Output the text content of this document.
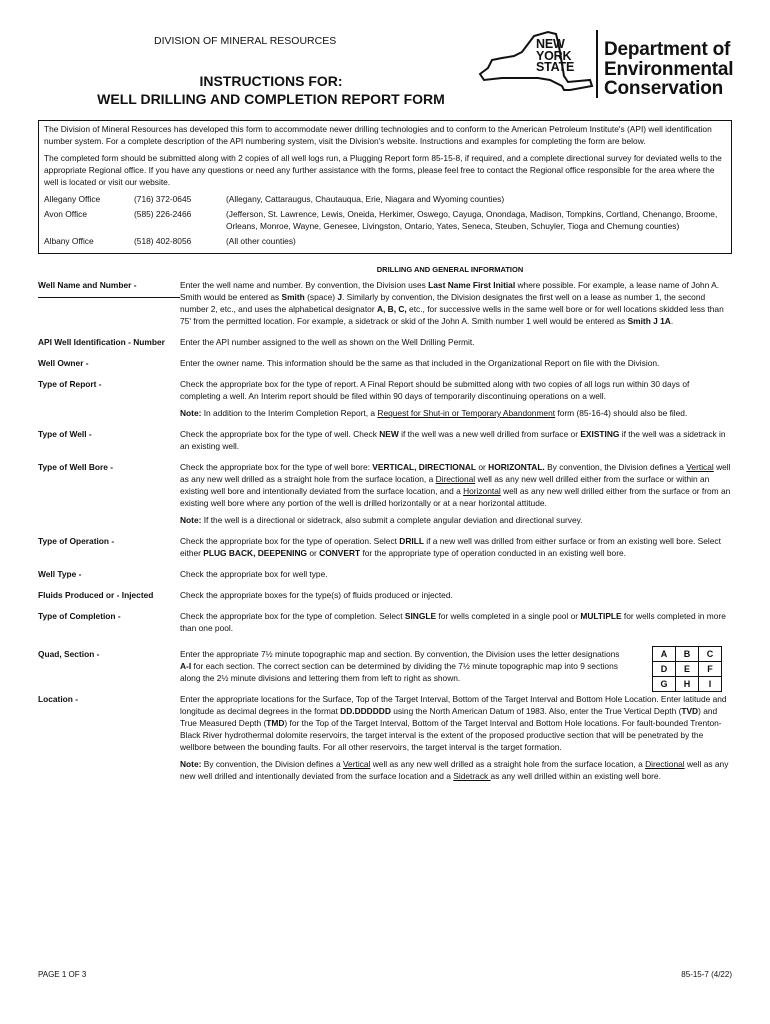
DIVISION OF MINERAL RESOURCES
INSTRUCTIONS FOR:
WELL DRILLING AND COMPLETION REPORT FORM
NEW
YORK
STATE
Department of
Environmental
Conservation

The Division of Mineral Resources has developed this form to accommodate newer drilling technologies and to conform to the American Petroleum Institute's (API) well identification number system. For a complete description of the API numbering system, visit the Division's website. Instructions and examples for completing the form are below.

The completed form should be submitted along with 2 copies of all well logs run, a Plugging Report form 85-15-8, if required, and a complete directional survey for deviated wells to the appropriate Regional office. If you have any questions or need any further assistance with the forms, please feel free to contact the Regional office responsible for the area where the well is located or visit our website.

Allegany Office	(716) 372-0645	(Allegany, Cattaraugus, Chautauqua, Erie, Niagara and Wyoming counties)
Avon Office	(585) 226-2466	(Jefferson, St. Lawrence, Lewis, Oneida, Herkimer, Oswego, Cayuga, Onondaga, Madison, Tompkins, Cortland, Chenango, Broome, Orleans, Monroe, Wayne, Genesee, Livingston, Ontario, Yates, Seneca, Steuben, Schuyler, Tioga and Chemung counties)
Albany Office	(518) 402-8056	(All other counties)
DRILLING AND GENERAL INFORMATION
Well Name and Number -	Enter the well name and number. By convention, the Division uses Last Name First Initial where possible. For example, a lease name of John A. Smith would be entered as Smith (space) J. Similarly by convention, the Division designates the first well on a lease as number 1, the second number 2, etc., and uses the alphabetical designator A, B, C, etc., for successive wells in the same well bore or for well locations skidded less than 75' from the permitted location. For example, a sidetrack or skid of the John A. Smith number 1 well would be entered as Smith J 1A.
API Well Identification - Number	Enter the API number assigned to the well as shown on the Well Drilling Permit.
Well Owner -	Enter the owner name. This information should be the same as that included in the Organizational Report on file with the Division.
Type of Report -	Check the appropriate box for the type of report. A Final Report should be submitted along with two copies of all logs run within 30 days of completing a well. An Interim report should be filed within 90 days of temporarily discontinuing operations on a well.
Note: In addition to the Interim Completion Report, a Request for Shut-in or Temporary Abandonment form (85-16-4) should also be filed.
Type of Well -	Check the appropriate box for the type of well. Check NEW if the well was a new well drilled from surface or EXISTING if the well was a sidetrack in an existing well.
Type of Well Bore -	Check the appropriate box for the type of well bore: VERTICAL, DIRECTIONAL or HORIZONTAL. By convention, the Division defines a Vertical well as any new well drilled as a straight hole from the surface location, a Directional well as any new well drilled either from the surface or within an existing well bore and intentionally deviated from the surface location, and a Horizontal well as any new well drilled either from the surface or from an existing well bore where any portion of the well is drilled horizontally or at a near horizontal attitude.
Note: If the well is a directional or sidetrack, also submit a complete angular deviation and directional survey.
Type of Operation -	Check the appropriate box for the type of operation. Select DRILL if a new well was drilled from either surface or from an existing well bore. Select either PLUG BACK, DEEPENING or CONVERT for the appropriate type of operation conducted in an existing well bore.
Well Type -	Check the appropriate box for well type.
Fluids Produced or - Injected	Check the appropriate boxes for the type(s) of fluids produced or injected.
Type of Completion -	Check the appropriate box for the type of completion. Select SINGLE for wells completed in a single pool or MULTIPLE for wells completed in more than one pool.
Quad, Section -	Enter the appropriate 7½ minute topographic map and section. By convention, the Division uses the letter designations A-I for each section. The correct section can be determined by dividing the 7½ minute topographic map into 9 sections along the 2½ minute divisions and lettering them from left to right as shown.
A	B	C
D	E	F
G	H	I
Location -	Enter the appropriate locations for the Surface, Top of the Target Interval, Bottom of the Target Interval and Bottom Hole Location. Enter latitude and longitude as decimal degrees in the format DD.DDDDDD using the North American Datum of 1983. Also, enter the True Vertical Depth (TVD) and True Measured Depth (TMD) for the Top of the Target Interval, Bottom of the Target Interval and Bottom Hole locations. For fault-bounded Trenton-Black River hydrothermal dolomite reservoirs, the target interval is the extent of the proposed productive section that will be penetrated by the wellbore between the bounding faults. For all other reservoirs, the target interval is the target formation.
Note: By convention, the Division defines a Vertical well as any new well drilled as a straight hole from the surface location, a Directional well as any new well drilled and intentionally deviated from the surface location and a Sidetrack as any well drilled within an existing well bore.
PAGE 1 OF 3	85-15-7 (4/22)
